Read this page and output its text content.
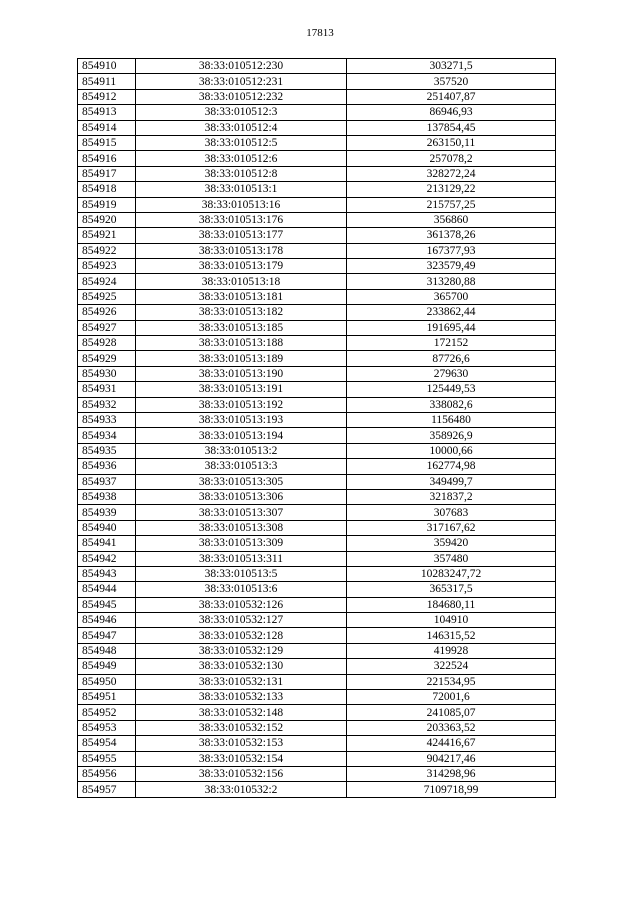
17813
854910	38:33:010512:230	303271,5
854911	38:33:010512:231	357520
854912	38:33:010512:232	251407,87
854913	38:33:010512:3	86946,93
854914	38:33:010512:4	137854,45
854915	38:33:010512:5	263150,11
854916	38:33:010512:6	257078,2
854917	38:33:010512:8	328272,24
854918	38:33:010513:1	213129,22
854919	38:33:010513:16	215757,25
854920	38:33:010513:176	356860
854921	38:33:010513:177	361378,26
854922	38:33:010513:178	167377,93
854923	38:33:010513:179	323579,49
854924	38:33:010513:18	313280,88
854925	38:33:010513:181	365700
854926	38:33:010513:182	233862,44
854927	38:33:010513:185	191695,44
854928	38:33:010513:188	172152
854929	38:33:010513:189	87726,6
854930	38:33:010513:190	279630
854931	38:33:010513:191	125449,53
854932	38:33:010513:192	338082,6
854933	38:33:010513:193	1156480
854934	38:33:010513:194	358926,9
854935	38:33:010513:2	10000,66
854936	38:33:010513:3	162774,98
854937	38:33:010513:305	349499,7
854938	38:33:010513:306	321837,2
854939	38:33:010513:307	307683
854940	38:33:010513:308	317167,62
854941	38:33:010513:309	359420
854942	38:33:010513:311	357480
854943	38:33:010513:5	10283247,72
854944	38:33:010513:6	365317,5
854945	38:33:010532:126	184680,11
854946	38:33:010532:127	104910
854947	38:33:010532:128	146315,52
854948	38:33:010532:129	419928
854949	38:33:010532:130	322524
854950	38:33:010532:131	221534,95
854951	38:33:010532:133	72001,6
854952	38:33:010532:148	241085,07
854953	38:33:010532:152	203363,52
854954	38:33:010532:153	424416,67
854955	38:33:010532:154	904217,46
854956	38:33:010532:156	314298,96
854957	38:33:010532:2	7109718,99
